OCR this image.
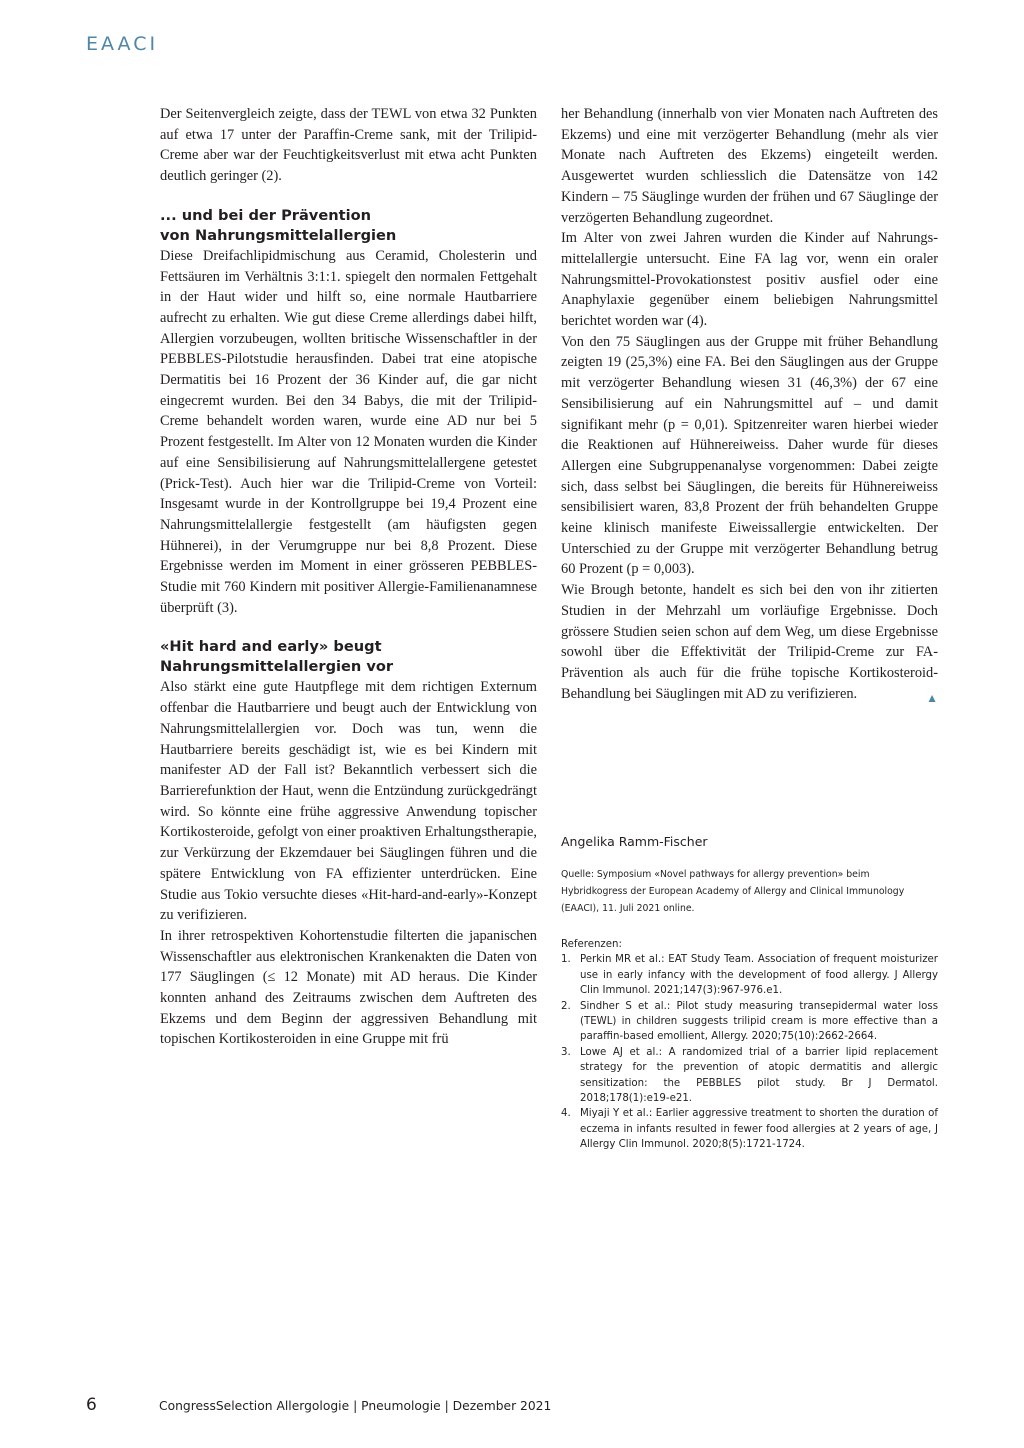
EAACI

Der Seitenvergleich zeigte, dass der TEWL von etwa 32 Punkten auf etwa 17 unter der Paraffin-Creme sank, mit der Trilipid-Creme aber war der Feuchtigkeitsverlust mit etwa acht Punkten deutlich geringer (2).

... und bei der Prävention
von Nahrungsmittelallergien

Diese Dreifachlipidmischung aus Ceramid, Cholesterin und Fettsäuren im Verhältnis 3:1:1. spiegelt den normalen Fettgehalt in der Haut wider und hilft so, eine normale Hautbarriere aufrecht zu erhalten. Wie gut diese Creme allerdings dabei hilft, Allergien vorzubeugen, wollten britische Wissenschaftler in der PEBBLES-Pilotstudie herausfinden. Dabei trat eine atopische Dermatitis bei 16 Prozent der 36 Kinder auf, die gar nicht eingecremt wurden. Bei den 34 Babys, die mit der Trilipid-Creme behandelt worden waren, wurde eine AD nur bei 5 Prozent festgestellt. Im Alter von 12 Monaten wurden die Kinder auf eine Sensibilisierung auf Nahrungsmittelallergene getestet (Prick-Test). Auch hier war die Trilipid-Creme von Vorteil: Insgesamt wurde in der Kontrollgruppe bei 19,4 Prozent eine Nahrungsmittelallergie festgestellt (am häufigsten gegen Hühnerei), in der Verumgruppe nur bei 8,8 Prozent. Diese Ergebnisse werden im Moment in einer grösseren PEBBLES-Studie mit 760 Kindern mit positiver Allergie-Familienanamnese überprüft (3).

«Hit hard and early» beugt
Nahrungsmittelallergien vor

Also stärkt eine gute Hautpflege mit dem richtigen Externum offenbar die Hautbarriere und beugt auch der Entwicklung von Nahrungsmittelallergien vor. Doch was tun, wenn die Hautbarriere bereits geschädigt ist, wie es bei Kindern mit manifester AD der Fall ist? Bekanntlich verbessert sich die Barrierefunktion der Haut, wenn die Entzündung zurückgedrängt wird. So könnte eine frühe aggressive Anwendung topischer Kortikosteroide, gefolgt von einer proaktiven Erhaltungstherapie, zur Verkürzung der Ekzemdauer bei Säuglingen führen und die spätere Entwicklung von FA effizienter unterdrücken. Eine Studie aus Tokio versuchte dieses «Hit-hard-and-early»-Konzept zu verifizieren.

In ihrer retrospektiven Kohortenstudie filterten die japanischen Wissenschaftler aus elektronischen Krankenakten die Daten von 177 Säuglingen (≤ 12 Monate) mit AD heraus. Die Kinder konnten anhand des Zeitraums zwischen dem Auftreten des Ekzems und dem Beginn der aggressiven Behandlung mit topischen Kortikosteroiden in eine Gruppe mit frü

her Behandlung (innerhalb von vier Monaten nach Auftreten des Ekzems) und eine mit verzögerter Behandlung (mehr als vier Monate nach Auftreten des Ekzems) eingeteilt werden. Ausgewertet wurden schliesslich die Datensätze von 142 Kindern – 75 Säuglinge wurden der frühen und 67 Säuglinge der verzögerten Behandlung zugeordnet.

Im Alter von zwei Jahren wurden die Kinder auf Nahrungsmittelallergie untersucht. Eine FA lag vor, wenn ein oraler Nahrungsmittel-Provokationstest positiv ausfiel oder eine Anaphylaxie gegenüber einem beliebigen Nahrungsmittel berichtet worden war (4).

Von den 75 Säuglingen aus der Gruppe mit früher Behandlung zeigten 19 (25,3%) eine FA. Bei den Säuglingen aus der Gruppe mit verzögerter Behandlung wiesen 31 (46,3%) der 67 eine Sensibilisierung auf ein Nahrungsmittel auf – und damit signifikant mehr (p = 0,01). Spitzenreiter waren hierbei wieder die Reaktionen auf Hühnereiweiss. Daher wurde für dieses Allergen eine Subgruppenanalyse vorgenommen: Dabei zeigte sich, dass selbst bei Säuglingen, die bereits für Hühnereiweiss sensibilisiert waren, 83,8 Prozent der früh behandelten Gruppe keine klinisch manifeste Eiweissallergie entwickelten. Der Unterschied zu der Gruppe mit verzögerter Behandlung betrug 60 Prozent (p = 0,003).

Wie Brough betonte, handelt es sich bei den von ihr zitierten Studien in der Mehrzahl um vorläufige Ergebnisse. Doch grössere Studien seien schon auf dem Weg, um diese Ergebnisse sowohl über die Effektivität der Trilipid-Creme zur FA-Prävention als auch für die frühe topische Kortikosteroid-Behandlung bei Säuglingen mit AD zu verifizieren.	▲

Angelika Ramm-Fischer

Quelle: Symposium «Novel pathways for allergy prevention» beim Hybridkogress der European Academy of Allergy and Clinical Immunology (EAACI), 11. Juli 2021 online.

Referenzen:

1. Perkin MR et al.: EAT Study Team. Association of frequent moisturizer use in early infancy with the development of food allergy. J Allergy Clin Immunol. 2021;147(3):967-976.e1.
2. Sindher S et al.: Pilot study measuring transepidermal water loss (TEWL) in children suggests trilipid cream is more effective than a paraffin-based emollient, Allergy. 2020;75(10):2662-2664.
3. Lowe AJ et al.: A randomized trial of a barrier lipid replacement strategy for the prevention of atopic dermatitis and allergic sensitization: the PEBBLES pilot study. Br J Dermatol. 2018;178(1):e19-e21.
4. Miyaji Y et al.: Earlier aggressive treatment to shorten the duration of eczema in infants resulted in fewer food allergies at 2 years of age, J Allergy Clin Immunol. 2020;8(5):1721-1724.
6	CongressSelection Allergologie | Pneumologie | Dezember 2021
